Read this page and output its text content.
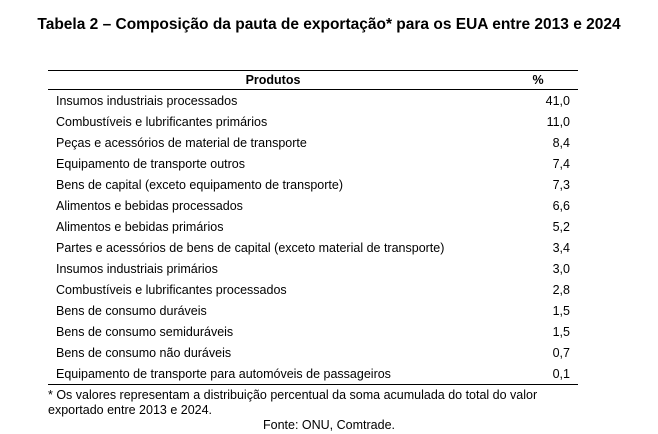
Tabela 2 – Composição da pauta de exportação* para os EUA entre 2013 e 2024
Produtos	%
Insumos industriais processados	41,0
Combustíveis e lubrificantes primários	11,0
Peças e acessórios de material de transporte	8,4
Equipamento de transporte outros	7,4
Bens de capital (exceto equipamento de transporte)	7,3
Alimentos e bebidas processados	6,6
Alimentos e bebidas primários	5,2
Partes e acessórios de bens de capital (exceto material de transporte)	3,4
Insumos industriais primários	3,0
Combustíveis e lubrificantes processados	2,8
Bens de consumo duráveis	1,5
Bens de consumo semiduráveis	1,5
Bens de consumo não duráveis	0,7
Equipamento de transporte para automóveis de passageiros	0,1
* Os valores representam a distribuição percentual da soma acumulada do total do valor exportado entre 2013 e 2024.
Fonte: ONU, Comtrade.
